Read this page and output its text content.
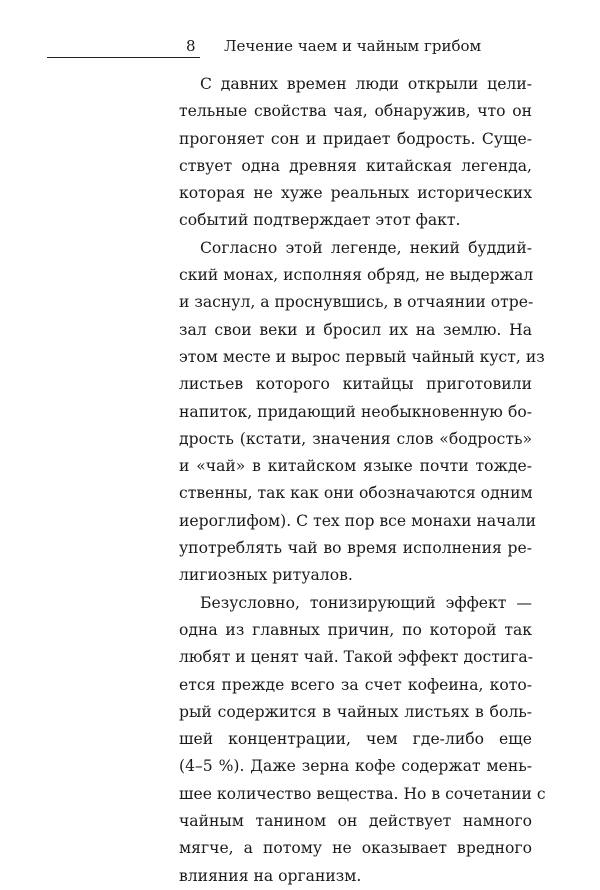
8 Лечение чаем и чайным грибом
С давних времен люди открыли цели-
тельные свойства чая, обнаружив, что он
прогоняет сон и придает бодрость. Суще-
ствует одна древняя китайская легенда,
которая не хуже реальных исторических
событий подтверждает этот факт.
Согласно этой легенде, некий буддий-
ский монах, исполняя обряд, не выдержал
и заснул, а проснувшись, в отчаянии отре-
зал свои веки и бросил их на землю. На
этом месте и вырос первый чайный куст, из
листьев которого китайцы приготовили
напиток, придающий необыкновенную бо-
дрость (кстати, значения слов «бодрость»
и «чай» в китайском языке почти тожде-
ственны, так как они обозначаются одним
иероглифом). С тех пор все монахи начали
употреблять чай во время исполнения ре-
лигиозных ритуалов.
Безусловно, тонизирующий эффект —
одна из главных причин, по которой так
любят и ценят чай. Такой эффект достига-
ется прежде всего за счет кофеина, кото-
рый содержится в чайных листьях в боль-
шей концентрации, чем где-либо еще
(4–5 %). Даже зерна кофе содержат мень-
шее количество вещества. Но в сочетании с
чайным танином он действует намного
мягче, а потому не оказывает вредного
влияния на организм.
